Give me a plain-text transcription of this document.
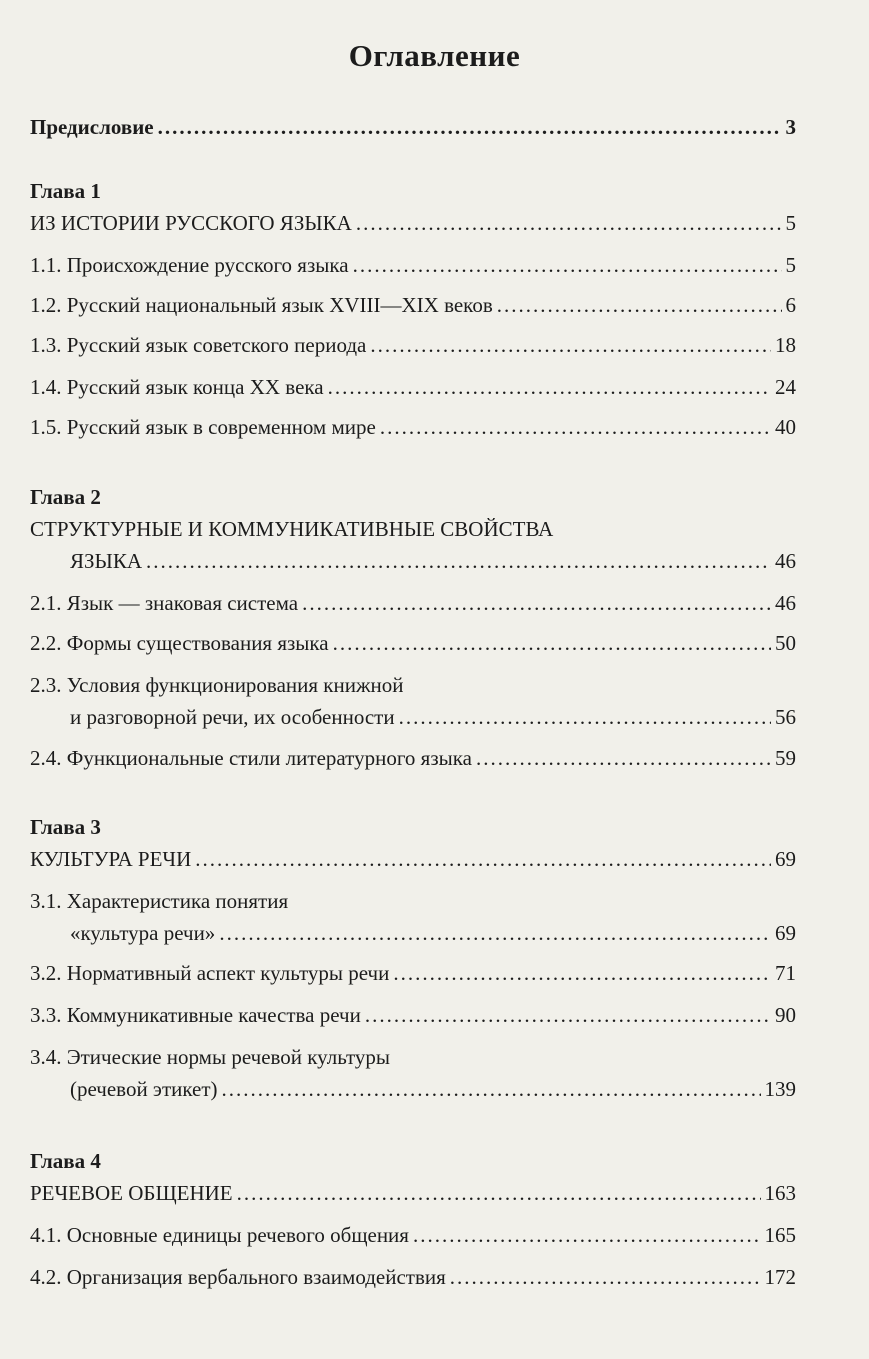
Оглавление
Предисловие .....	3
Глава 1
ИЗ ИСТОРИИ РУССКОГО ЯЗЫКА .....	5
1.1. Происхождение русского языка .....	5
1.2. Русский национальный язык XVIII—XIX веков .....	6
1.3. Русский язык советского периода .....	18
1.4. Русский язык конца XX века .....	24
1.5. Русский язык в современном мире .....	40
Глава 2
СТРУКТУРНЫЕ И КОММУНИКАТИВНЫЕ СВОЙСТВА
ЯЗЫКА .....	46
2.1. Язык — знаковая система .....	46
2.2. Формы существования языка .....	50
2.3. Условия функционирования книжной
и разговорной речи, их особенности .....	56
2.4. Функциональные стили литературного языка .....	59
Глава 3
КУЛЬТУРА РЕЧИ .....	69
3.1. Характеристика понятия
«культура речи» .....	69
3.2. Нормативный аспект культуры речи .....	71
3.3. Коммуникативные качества речи .....	90
3.4. Этические нормы речевой культуры
(речевой этикет) .....	139
Глава 4
РЕЧЕВОЕ ОБЩЕНИЕ .....	163
4.1. Основные единицы речевого общения .....	165
4.2. Организация вербального взаимодействия .....	172
